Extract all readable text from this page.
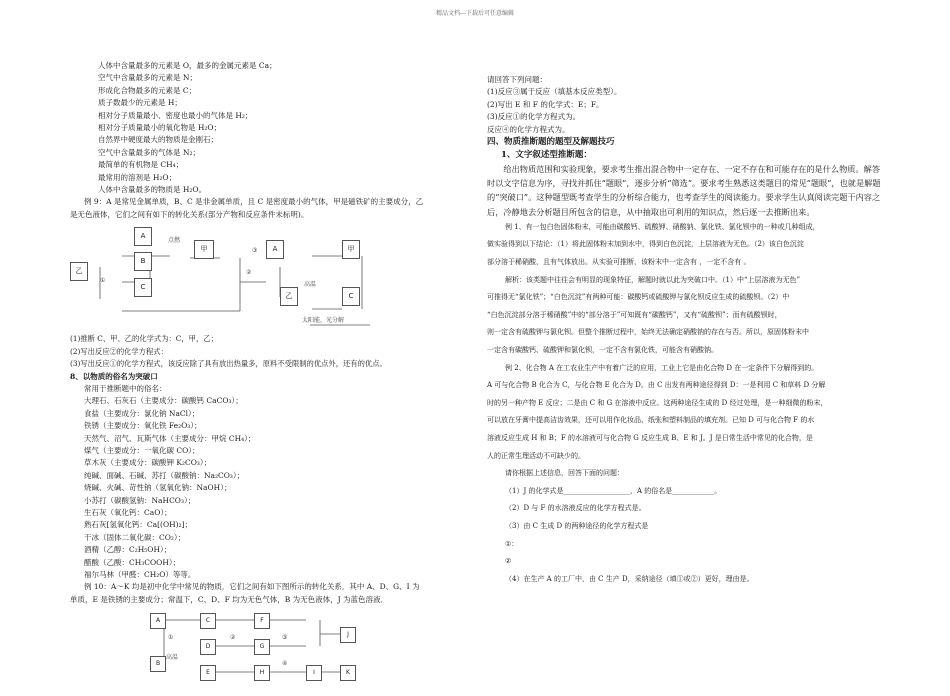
精品文档---下载后可任意编辑
人体中含量最多的元素是 O，最多的金属元素是 Ca；
空气中含量最多的元素是 N；
形成化合物最多的元素是 C；
质子数最少的元素是 H；
相对分子质量最小、密度也最小的气体是 H₂；
相对分子质量最小的氧化物是 H₂O；
自然界中硬度最大的物质是金刚石；
空气中含量最多的气体是 N₂；
最简单的有机物是 CH₄；
最常用的溶剂是 H₂O；
人体中含量最多的物质是 H₂O。
例 9：A 是常见金属单质，B、C 是非金属单质，且 C 是密度最小的气体，甲是磁铁矿的主要成分，乙
是无色液体，它们之间有如下的转化关系(部分产物和反应条件未标明)。
A
B
C
乙
甲	A	甲
乙	C
点燃
高温
①
②
③
太阳能，光分解
(1)推断 C、甲、乙的化学式为：C，甲，乙；
(2)写出反应②的化学方程式：
(3)写出反应①的化学方程式，该反应除了具有放出热量多，原料不受限制的优点外，还有的优点。
8、以物质的俗名为突破口
常用于推断题中的俗名：
大理石、石灰石（主要成分：碳酸钙 CaCO₃）；
食盐（主要成分：氯化钠 NaCl）；
铁锈（主要成分：氧化铁 Fe₂O₃）；
天然气、沼气、瓦斯气体（主要成分：甲烷 CH₄）；
煤气（主要成分：一氧化碳 CO）；
草木灰（主要成分：碳酸钾 K₂CO₃）；
纯碱、面碱、石碱、苏打（碳酸钠：Na₂CO₃）；
烧碱、火碱、苛性钠（氢氧化钠：NaOH）；
小苏打（碳酸氢钠：NaHCO₃）；
生石灰（氧化钙：CaO）；
熟石灰[氢氧化钙：Ca[(OH)₂]；
干冰（固体二氧化碳：CO₂）；
酒精（乙醇：C₂H₅OH）；
醋酸（乙酸：CH₃COOH）；
福尔马林（甲醛：CH₂O）等等。
例 10：A～K 均是初中化学中常见的物质．它们之间有如下图所示的转化关系．其中 A、D、G、I 为
单质，E 是铁锈的主要成分；常温下，C、D、F 均为无色气体，B 为无色液体，J 为蓝色溶液．
A
B
C
D
E
F
G
H	I
J
K
①
高温
②	③
④
请回答下列问题：
(1)反应③属于反应（填基本反应类型）。
(2)写出 E 和 F 的化学式：E；F。
(3)反应①的化学方程式为。
反应④的化学方程式为。
四、物质推断题的题型及解题技巧
1、文字叙述型推断题：
给出物质范围和实验现象，要求考生推出混合物中一定存在、一定不存在和可能存在的是什么物质。解答时以文字信息为序，寻找并抓住“题眼”，逐步分析“筛选”。要求考生熟悉这类题目的常见“题眼”，也就是解题的“突破口”。这种题型既考查学生的分析综合能力，也考查学生的阅读能力。要求学生认真阅读完题干内容之后，冷静地去分析题目所包含的信息，从中抽取出可利用的知识点，然后逐一去推断出来。
例 1、有一包白色固体粉末，可能由碳酸钙、硫酸钾、硝酸钠、氯化铁、氯化钡中的一种或几种组成，
做实验得到以下结论：（1）将此固体粉末加到水中，得到白色沉淀，上层溶液为无色。（2）该白色沉淀
部分溶于稀硝酸，且有气体放出。从实验可推断，该粉末中一定含有 ，一定不含有 。
解析：该类题中往往会有明显的现象特征，解题时就以此为突破口中。（1）中“上层溶液为无色”
可推得无“氯化铁”；“白色沉淀”有两种可能：碳酸钙或硫酸钾与氯化钡反应生成的硫酸钡。（2）中
“白色沉淀部分溶于稀硝酸”中的“部分溶于”可知既有“碳酸钙”，又有“硫酸钡”；而有硫酸钡时，
则一定含有硫酸钾与氯化钡。但整个推断过程中，始终无法确定硝酸钠的存在与否。所以，原固体粉末中
一定含有碳酸钙、硫酸钾和氯化钡，一定不含有氯化铁，可能含有硝酸钠。
例 2、化合物 A 在工农业生产中有着广泛的应用，工业上它是由化合物 D 在一定条件下分解得到的。
A 可与化合物 B 化合为 C，与化合物 E 化合为 D。由 C 出发有两种途径得到 D：一是利用 C 和草料 D 分解
时的另一种产物 E 反应；二是由 C 和 G 在溶液中反应。这两种途径生成的 D 经过处理，是一种细微的粉末，
可以放在牙膏中提高洁齿效果，还可以用作化妆品、纸张和塑料制品的填充剂。已知 D 可与化合物 F 的水
溶液反应生成 H 和 B；F 的水溶液可与化合物 G 反应生成 B、E 和 J。J 是日常生活中常见的化合物，是
人的正常生理活动不可缺少的。
请你根据上述信息，回答下面的问题：
（1）J 的化学式是___________________，A 的俗名是____________。
（2）D 与 F 的水溶液反应的化学方程式是。
（3）由 C 生成 D 的两种途径的化学方程式是
①：
②
（4）在生产 A 的工厂中，由 C 生产 D，采纳途径（填①或②）更好，理由是。
